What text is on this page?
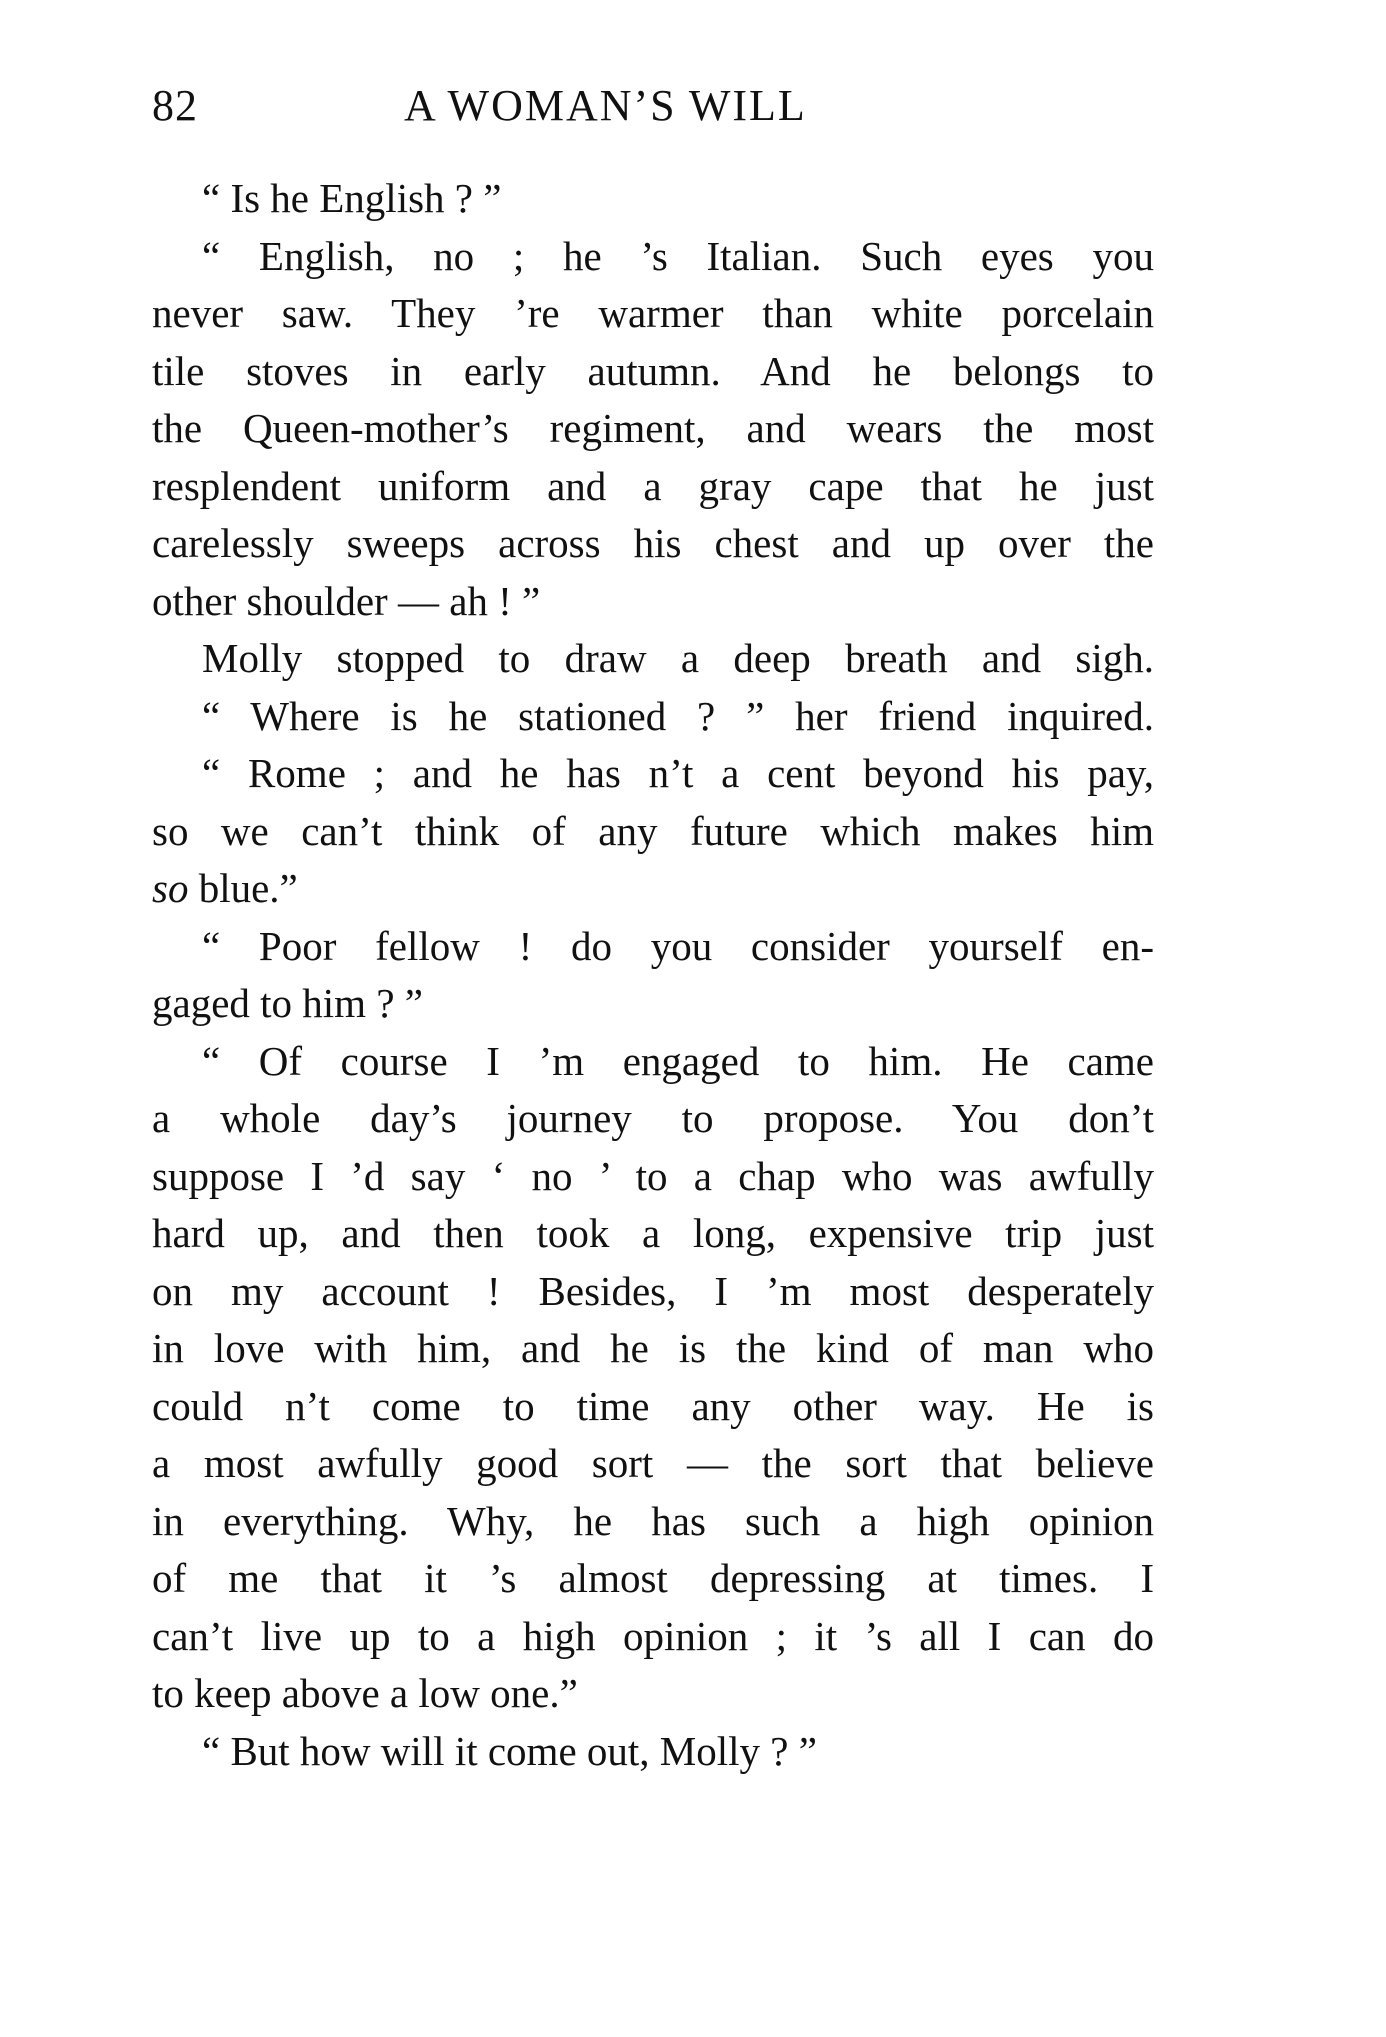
82	A WOMAN’S WILL
“ Is he English ? ”
“ English, no ; he ’s Italian. Such eyes you
never saw. They ’re warmer than white porcelain
tile stoves in early autumn. And he belongs to
the Queen-mother’s regiment, and wears the most
resplendent uniform and a gray cape that he just
carelessly sweeps across his chest and up over the
other shoulder — ah ! ”
Molly stopped to draw a deep breath and sigh.
“ Where is he stationed ? ” her friend inquired.
“ Rome ; and he has n’t a cent beyond his pay,
so we can’t think of any future which makes him
so blue.”
“ Poor fellow ! do you consider yourself en-
gaged to him ? ”
“ Of course I ’m engaged to him. He came
a whole day’s journey to propose. You don’t
suppose I ’d say ‘ no ’ to a chap who was awfully
hard up, and then took a long, expensive trip just
on my account ! Besides, I ’m most desperately
in love with him, and he is the kind of man who
could n’t come to time any other way. He is
a most awfully good sort — the sort that believe
in everything. Why, he has such a high opinion
of me that it ’s almost depressing at times. I
can’t live up to a high opinion ; it ’s all I can do
to keep above a low one.”
“ But how will it come out, Molly ? ”
